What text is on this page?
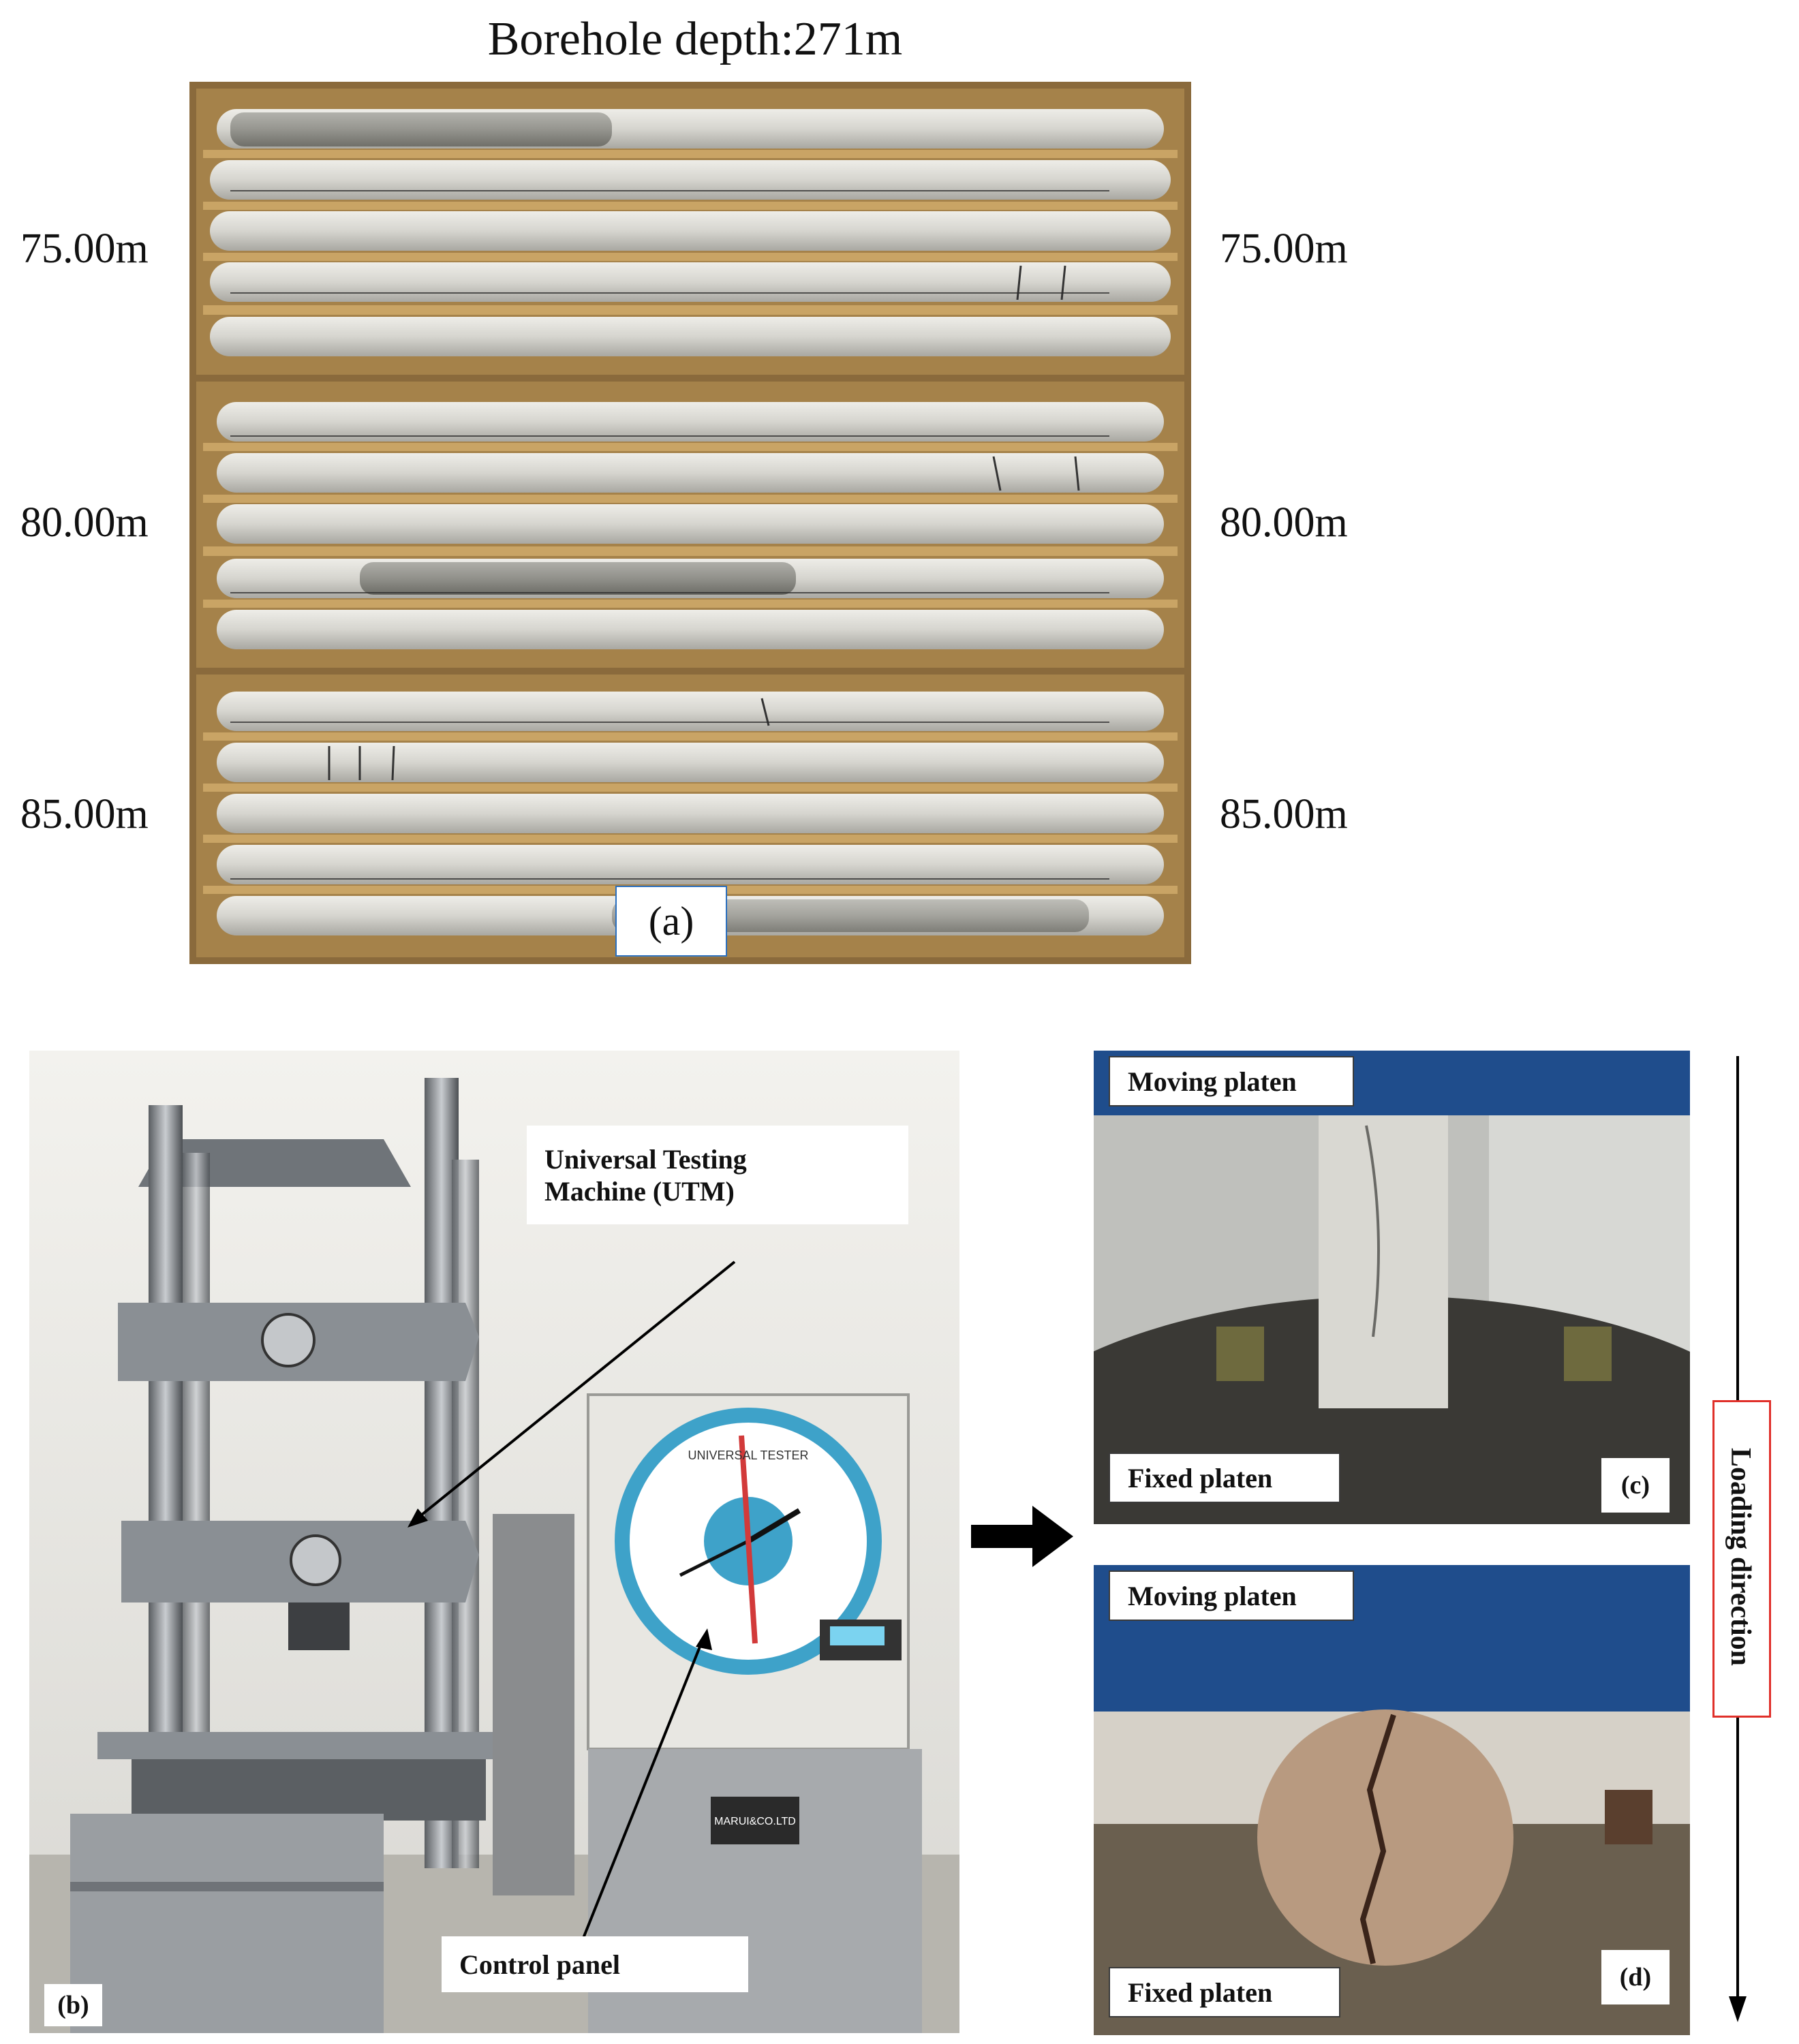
Borehole depth:271m
75.00m
80.00m
85.00m
75.00m
80.00m
85.00m
(a)
UNIVERSAL TESTER
MARUI&CO.LTD
Universal Testing
Machine (UTM)
Control panel
(b)
Moving platen
Fixed platen	(c)
Moving platen
Fixed platen	(d)
Loading direction
